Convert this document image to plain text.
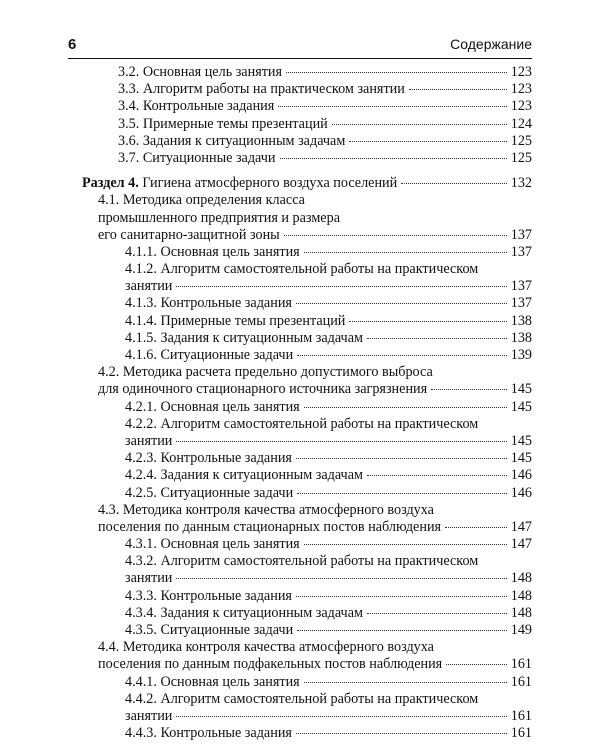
6	Содержание
3.2. Основная цель занятия	123
3.3. Алгоритм работы на практическом занятии	123
3.4. Контрольные задания	123
3.5. Примерные темы презентаций	124
3.6. Задания к ситуационным задачам	125
3.7. Ситуационные задачи	125
Раздел 4. Гигиена атмосферного воздуха поселений	132
4.1. Методика определения класса
промышленного предприятия и размера
его санитарно-защитной зоны	137
4.1.1. Основная цель занятия	137
4.1.2. Алгоритм самостоятельной работы на практическом
занятии	137
4.1.3. Контрольные задания	137
4.1.4. Примерные темы презентаций	138
4.1.5. Задания к ситуационным задачам	138
4.1.6. Ситуационные задачи	139
4.2. Методика расчета предельно допустимого выброса
для одиночного стационарного источника загрязнения	145
4.2.1. Основная цель занятия	145
4.2.2. Алгоритм самостоятельной работы на практическом
занятии	145
4.2.3. Контрольные задания	145
4.2.4. Задания к ситуационным задачам	146
4.2.5. Ситуационные задачи	146
4.3. Методика контроля качества атмосферного воздуха
поселения по данным стационарных постов наблюдения	147
4.3.1. Основная цель занятия	147
4.3.2. Алгоритм самостоятельной работы на практическом
занятии	148
4.3.3. Контрольные задания	148
4.3.4. Задания к ситуационным задачам	148
4.3.5. Ситуационные задачи	149
4.4. Методика контроля качества атмосферного воздуха
поселения по данным подфакельных постов наблюдения	161
4.4.1. Основная цель занятия	161
4.4.2. Алгоритм самостоятельной работы на практическом
занятии	161
4.4.3. Контрольные задания	161
